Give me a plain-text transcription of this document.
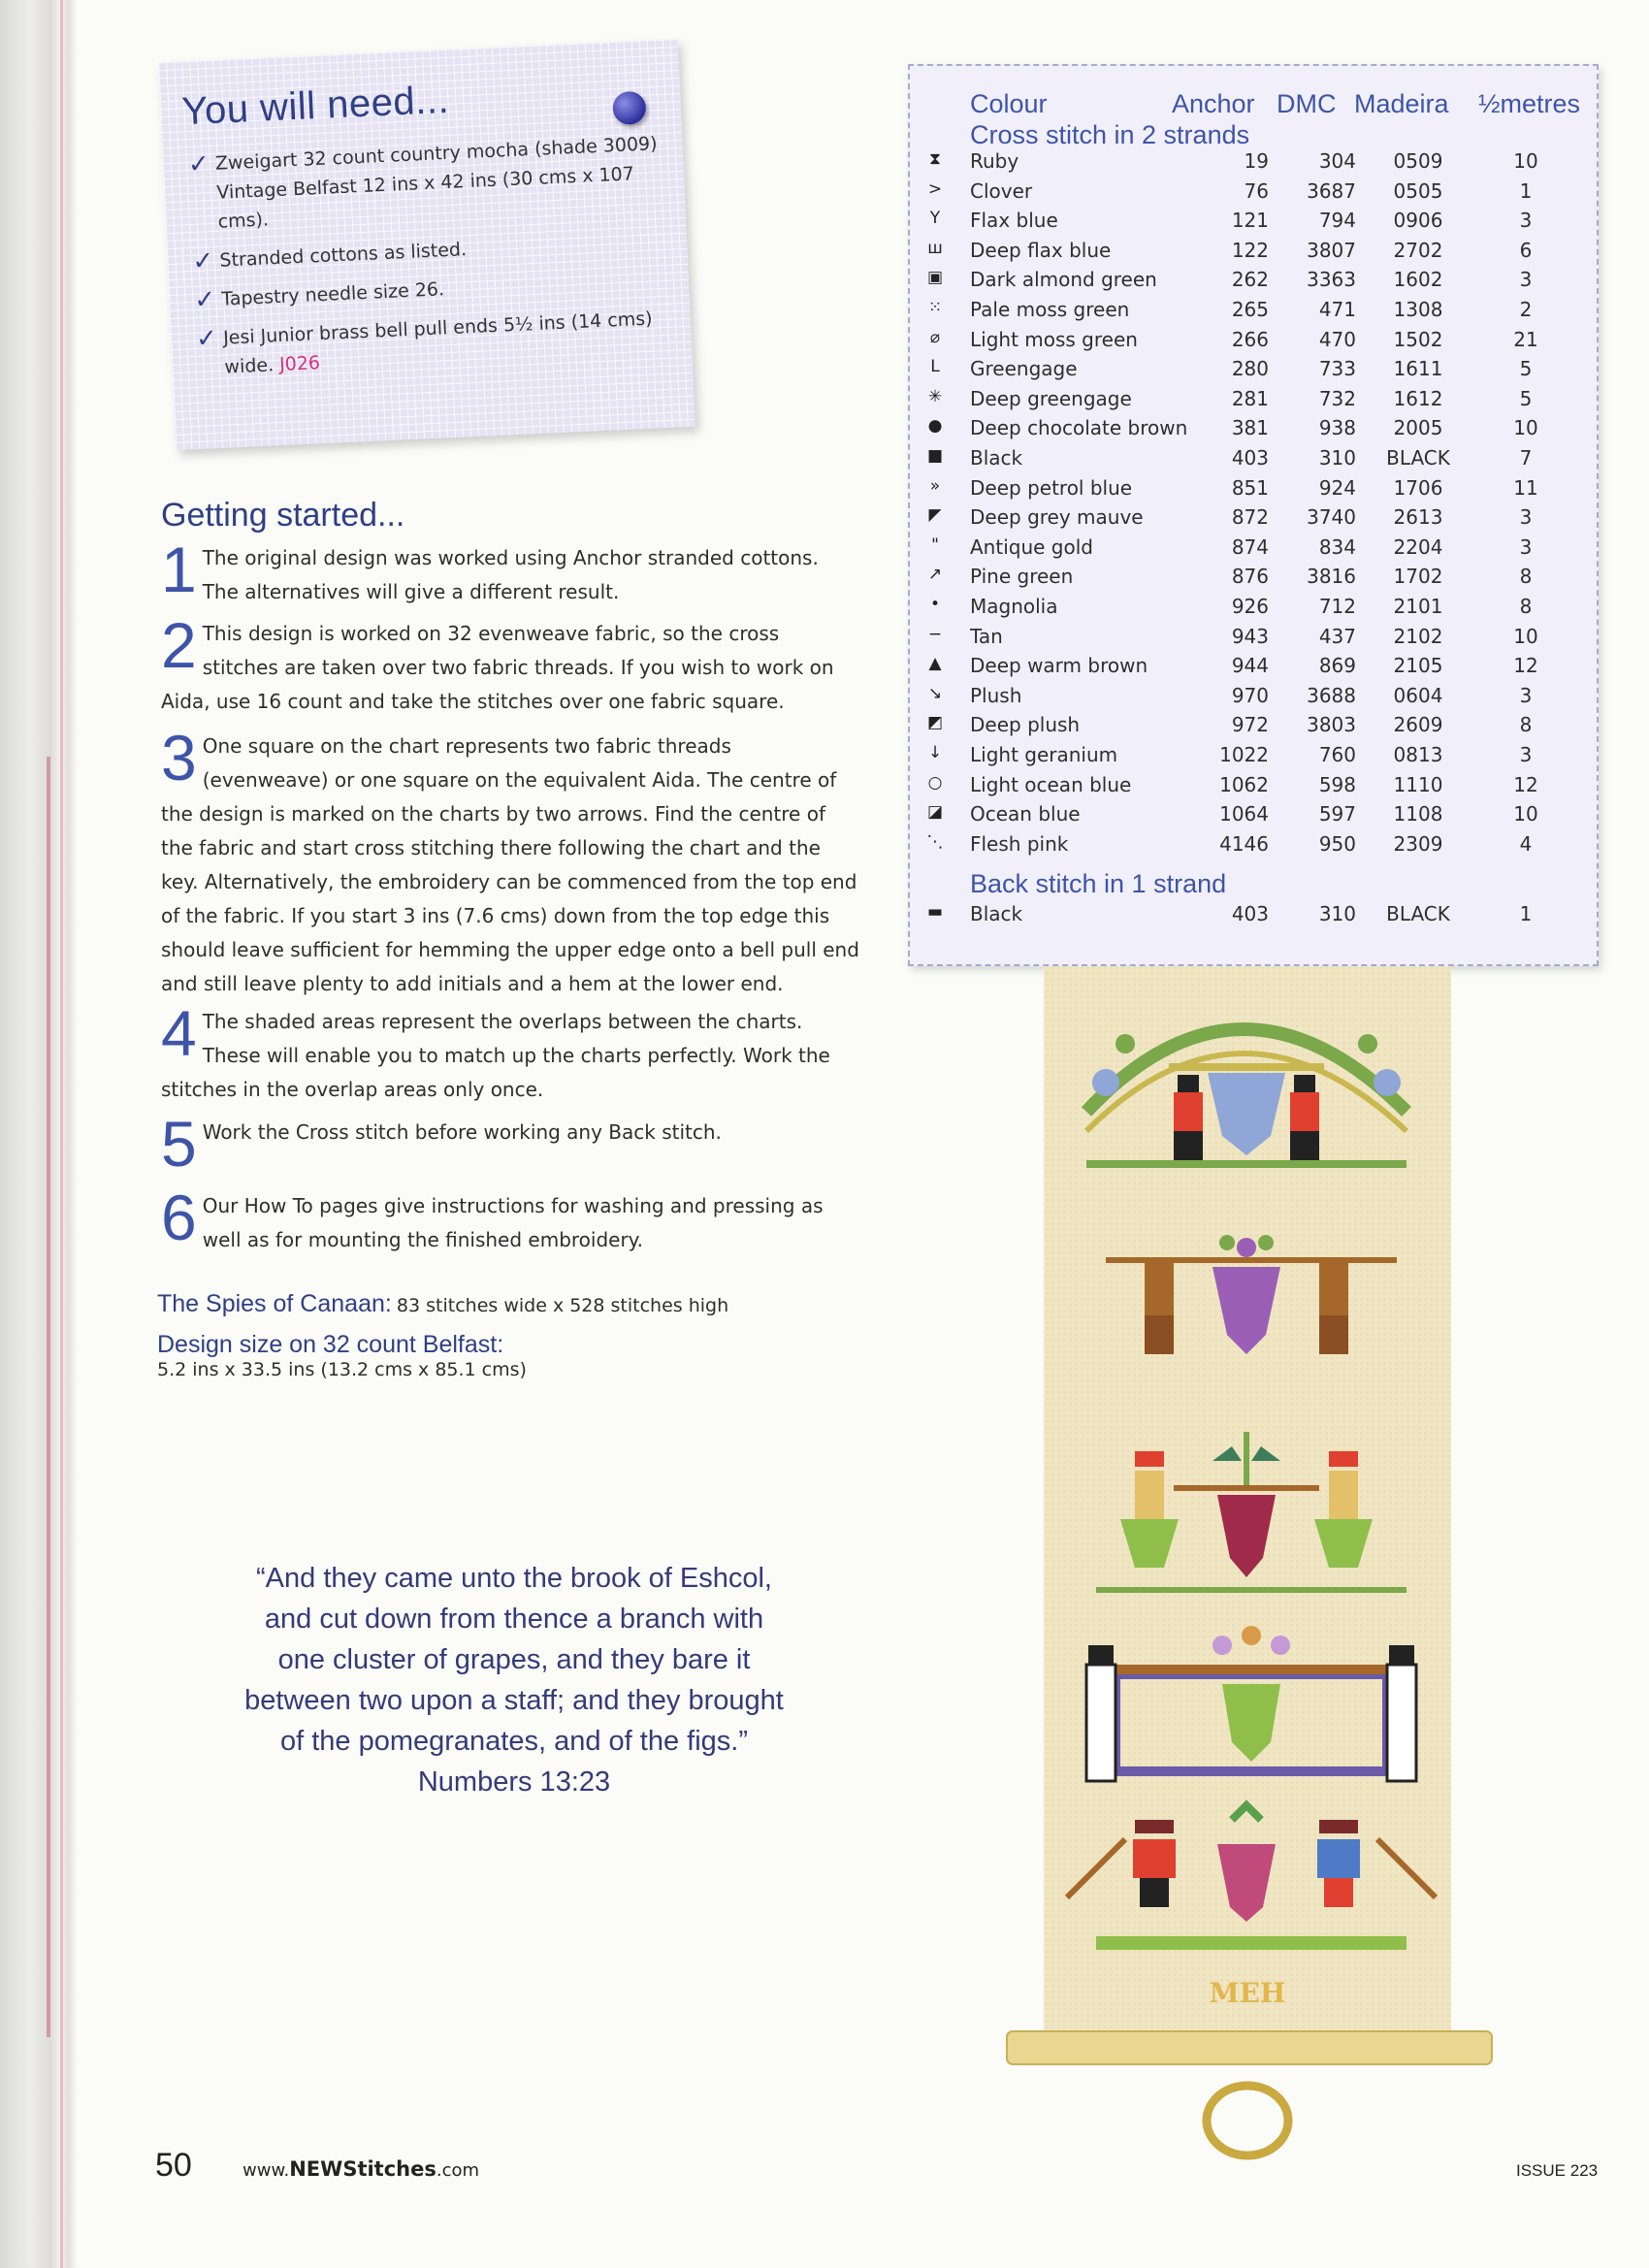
You will need...
✓ Zweigart 32 count country mocha (shade 3009) Vintage Belfast 12 ins x 42 ins (30 cms x 107 cms).
✓ Stranded cottons as listed.
✓ Tapestry needle size 26.
✓ Jesi Junior brass bell pull ends 5½ ins (14 cms) wide. J026
Getting started...
1 The original design was worked using Anchor stranded cottons. The alternatives will give a different result.
2 This design is worked on 32 evenweave fabric, so the cross stitches are taken over two fabric threads. If you wish to work on Aida, use 16 count and take the stitches over one fabric square.
3 One square on the chart represents two fabric threads (evenweave) or one square on the equivalent Aida. The centre of the design is marked on the charts by two arrows. Find the centre of the fabric and start cross stitching there following the chart and the key. Alternatively, the embroidery can be commenced from the top end of the fabric. If you start 3 ins (7.6 cms) down from the top edge this should leave sufficient for hemming the upper edge onto a bell pull end and still leave plenty to add initials and a hem at the lower end.
4 The shaded areas represent the overlaps between the charts. These will enable you to match up the charts perfectly. Work the stitches in the overlap areas only once.
5 Work the Cross stitch before working any Back stitch.
6 Our How To pages give instructions for washing and pressing as well as for mounting the finished embroidery.
The Spies of Canaan: 83 stitches wide x 528 stitches high
Design size on 32 count Belfast:
5.2 ins x 33.5 ins (13.2 cms x 85.1 cms)
“And they came unto the brook of Eshcol, and cut down from thence a branch with one cluster of grapes, and they bare it between two upon a staff; and they brought of the pomegranates, and of the figs.” Numbers 13:23
Colour	Anchor DMC Madeira ½metres
Cross stitch in 2 strands
⧗	Ruby	19	304	0509	10
> Clover	76	3687	0505	1
Y	Flax blue	121	794	0906	3
ш Deep flax blue	122	3807	2702	6
▣ Dark almond green	262	3363	1602	3
⁙ Pale moss green	265	471	1308	2
⌀	Light moss green	266	470	1502	21
L	Greengage	280	733	1611	5
✳ Deep greengage	281	732	1612	5
● Deep chocolate brown	381	938	2005	10
■ Black	403	310	BLACK	7
»	Deep petrol blue	851	924	1706	11
◤ Deep grey mauve	872	3740	2613	3
"	Antique gold	874	834	2204	3
↗ Pine green	876	3816	1702	8
•	Magnolia	926	712	2101	8
− Tan	943	437	2102	10
▲ Deep warm brown	944	869	2105	12
↘ Plush	970	3688	0604	3
◩ Deep plush	972	3803	2609	8
↓ Light geranium	1022	760	0813	3
○ Light ocean blue	1062	598	1110	12
◪ Ocean blue	1064	597	1108	10
⋱ Flesh pink	4146	950	2309	4
Back stitch in 1 strand
▬ Black	403	310	BLACK	1
MEH
50	www.NEWStitches.com	ISSUE 223
